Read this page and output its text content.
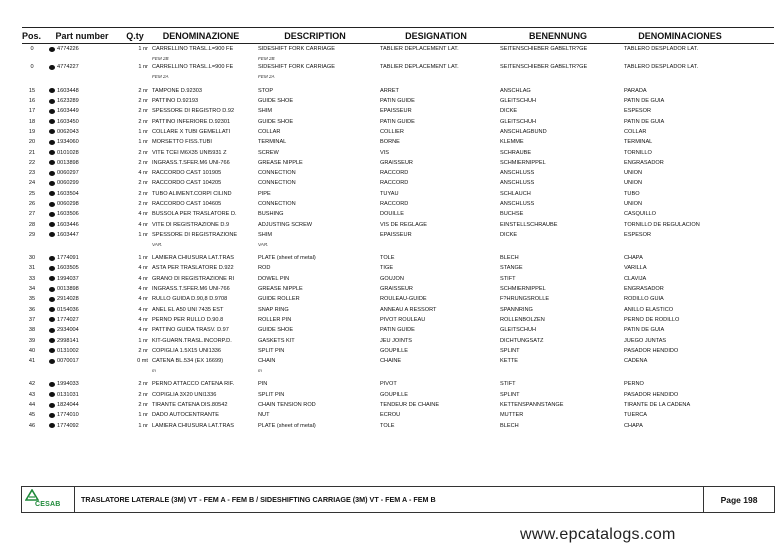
Pos.	Part number	Q.ty	DENOMINAZIONE	DESCRIPTION	DESIGNATION	BENENNUNG	DENOMINACIONES
0	4774226	1 nr CARRELLINO TRASL.L=900 FE	SIDESHIFT FORK CARRIAGE	TABLIER DEPLACEMENT LAT.	SEITENSCHIEBER GABELTR?GE	TABLERO DESPLADOR LAT.
FEM 2B	FEM 2B
0	4774227	1 nr CARRELLINO TRASL.L=900 FE	SIDESHIFT FORK CARRIAGE	TABLIER DEPLACEMENT LAT.	SEITENSCHIEBER GABELTR?GE	TABLERO DESPLADOR LAT.
FEM 2A	FEM 2A
15	1603448	2 nr TAMPONE D.92303	STOP	ARRET	ANSCHLAG	PARADA
16	1623289	2 nr PATTINO D.92193	GUIDE SHOE	PATIN GUIDE	GLEITSCHUH	PATIN DE GUIA
17	1603449	2 nr SPESSORE DI REGISTRO D.92	SHIM	EPAISSEUR	DICKE	ESPESOR
18	1603450	2 nr PATTINO INFERIORE D.92301	GUIDE SHOE	PATIN GUIDE	GLEITSCHUH	PATIN DE GUIA
19	0062043	1 nr COLLARE X TUBI GEMELLATI	COLLAR	COLLIER	ANSCHLAGBUND	COLLAR
20	1934060	1 nr MORSETTO FISS.TUBI	TERMINAL	BORNE	KLEMME	TERMINAL
21	0101028	2 nr VITE TCEI M6X35 UNI5931 Z	SCREW	VIS	SCHRAUBE	TORNILLO
22	0013898	2 nr INGRASS.T.SFER.M6 UNI-766	GREASE NIPPLE	GRAISSEUR	SCHMIERNIPPEL	ENGRASADOR
23	0060297	4 nr RACCORDO CAST 101905	CONNECTION	RACCORD	ANSCHLUSS	UNION
24	0060299	2 nr RACCORDO CAST 104205	CONNECTION	RACCORD	ANSCHLUSS	UNION
25	1603504	2 nr TUBO ALIMENT.CORPI CILIND	PIPE	TUYAU	SCHLAUCH	TUBO
26	0060298	2 nr RACCORDO CAST 104605	CONNECTION	RACCORD	ANSCHLUSS	UNION
27	1603506	4 nr BUSSOLA PER TRASLATORE D.	BUSHING	DOUILLE	BUCHSE	CASQUILLO
28	1603446	4 nr VITE DI REGISTRAZIONE D.9	ADJUSTING SCREW	VIS DE REGLAGE	EINSTELLSCHRAUBE	TORNILLO DE REGULACION
29	1603447	1 nr SPESSORE DI REGISTRAZIONE	SHIM	EPAISSEUR	DICKE	ESPESOR
VAR.	VAR.
30	1774091	1 nr LAMIERA CHIUSURA LAT.TRAS	PLATE (sheet of metal)	TOLE	BLECH	CHAPA
31	1603505	4 nr ASTA PER TRASLATORE D.922	ROD	TIGE	STANGE	VARILLA
33	1994037	4 nr GRANO DI REGISTRAZIONE RI	DOWEL PIN	GOUJON	STIFT	CLAVIJA
34	0013898	4 nr INGRASS.T.SFER.M6 UNI-766	GREASE NIPPLE	GRAISSEUR	SCHMIERNIPPEL	ENGRASADOR
35	2914028	4 nr RULLO GUIDA D.90,8 D.9708	GUIDE ROLLER	ROULEAU-GUIDE	F?HRUNGSROLLE	RODILLO GUIA
36	0154036	4 nr ANEL EL A50 UNI 7435 EST	SNAP RING	ANNEAU A RESSORT	SPANNRING	ANILLO ELASTICO
37	1774027	4 nr PERNO PER RULLO D.90.8	ROLLER PIN	PIVOT ROULEAU	ROLLENBOLZEN	PERNO DE RODILLO
38	2934004	4 nr PATTINO GUIDA TRASV. D.97	GUIDE SHOE	PATIN GUIDE	GLEITSCHUH	PATIN DE GUIA
39	2998141	1 nr KIT-GUARN.TRASL.INCORP.D.	GASKETS KIT	JEU JOINTS	DICHTUNGSATZ	JUEGO JUNTAS
40	0131002	2 nr COPIGLIA 1.5X15 UNI1336	SPLIT PIN	GOUPILLE	SPLINT	PASADOR HENDIDO
41	0070017	0 mt CATENA BL.534 (EX 16699)	CHAIN	CHAINE	KETTE	CADENA
m	m
42	1994033	2 nr PERNO ATTACCO CATENA RIF.	PIN	PIVOT	STIFT	PERNO
43	0131031	2 nr COPIGLIA 3X20 UNI1336	SPLIT PIN	GOUPILLE	SPLINT	PASADOR HENDIDO
44	1824044	2 nr TIRANTE CATENA DIS.80542	CHAIN TENSION ROD	TENDEUR DE CHAINE	KETTENSPANNSTANGE	TIRANTE DE LA CADENA
45	1774010	1 nr DADO AUTOCENTRANTE	NUT	ECROU	MUTTER	TUERCA
46	1774092	1 nr LAMIERA CHIUSURA LAT.TRAS	PLATE (sheet of metal)	TOLE	BLECH	CHAPA
CESAB
TRASLATORE LATERALE (3M) VT - FEM A - FEM B / SIDESHIFTING CARRIAGE (3M) VT - FEM A - FEM B	Page 198
www.epcatalogs.com
